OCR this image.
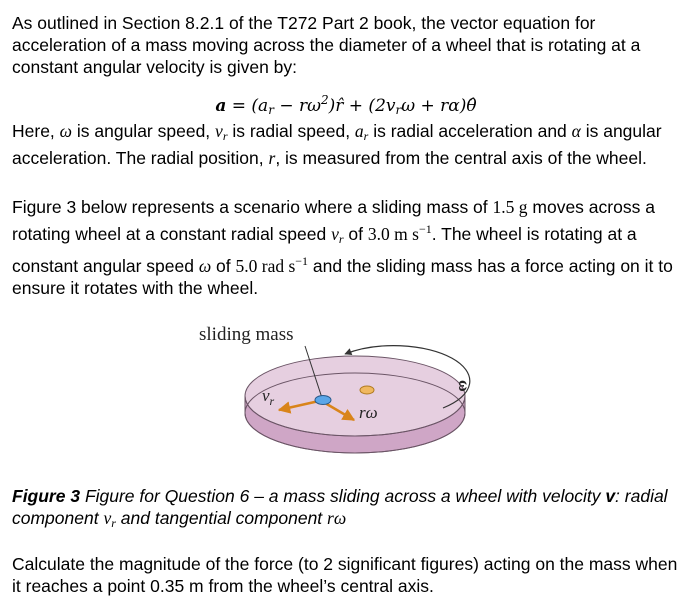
As outlined in Section 8.2.1 of the T272 Part 2 book, the vector equation for acceleration of a mass moving across the diameter of a wheel that is rotating at a constant angular velocity is given by:

$a = (a_r$ − $r\omega^2)r̂ + (2v_r\omega$ + rα)θ̂

Here, ω is angular speed, $v_r$ is radial speed, $a_r$ is radial acceleration and α is angular acceleration. The radial position, r, is measured from the central axis of the wheel.

Figure 3 below represents a scenario where a sliding mass of 1.5 g moves across a rotating wheel at a constant radial speed $v_r$ of 3.0 m $s^{-1}$. The wheel is rotating at a constant angular speed ω of 5.0 rad $s^{-1}$ and the sliding mass has a force acting on it to ensure it rotates with the wheel.

sliding mass
$v_r$
rω
ω

Figure 3 Figure for Question 6 – a mass sliding across a wheel with velocity v: radial component $v_r$ and tangential component rω

Calculate the magnitude of the force (to 2 significant figures) acting on the mass when it reaches a point 0.35 m from the wheel’s central axis.
